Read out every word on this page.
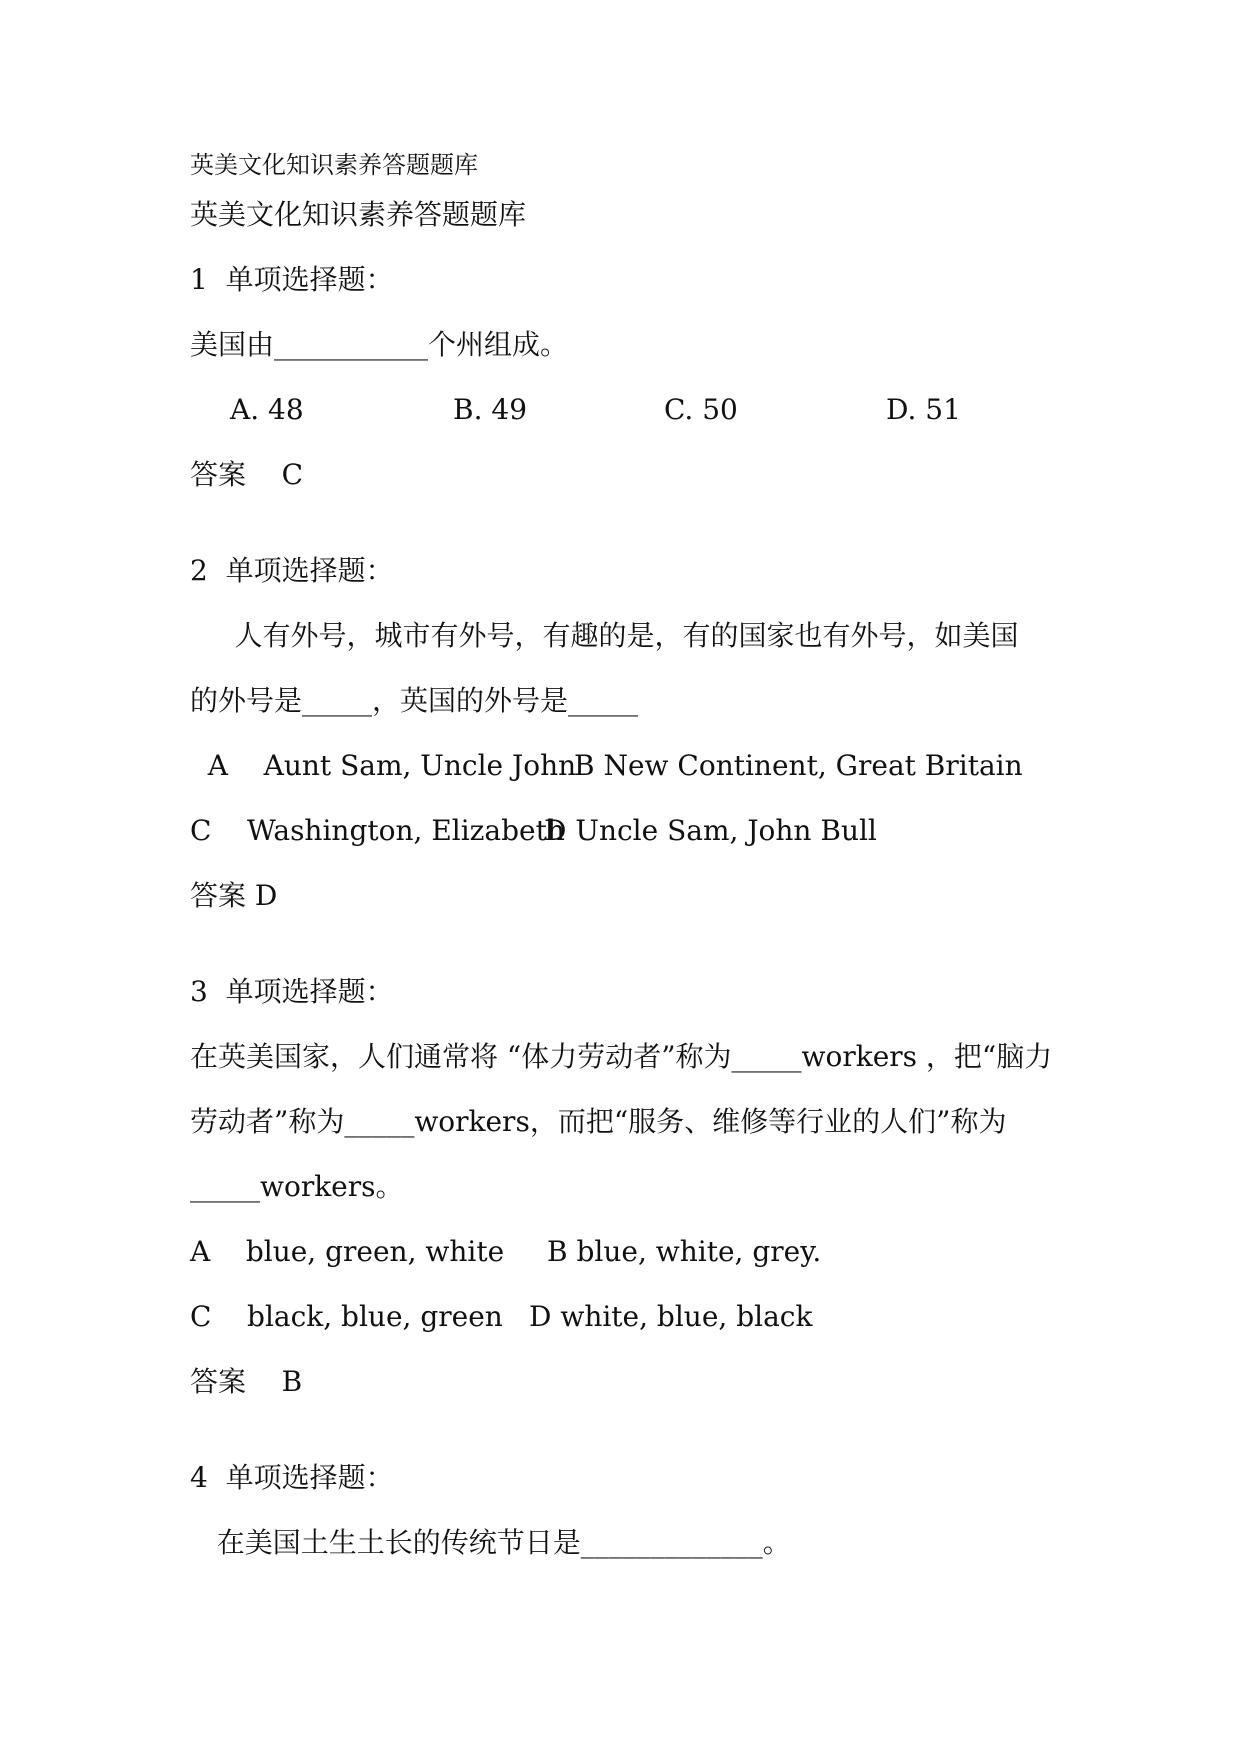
英美文化知识素养答题题库
英美文化知识素养答题题库
1  单项选择题：
美国由___________个州组成。
A. 48	B. 49	C. 50	D. 51
答案    C
2  单项选择题：
人有外号，城市有外号，有趣的是，有的国家也有外号，如美国
的外号是_____，英国的外号是_____
A    Aunt Sam, Uncle John
B New Continent, Great Britain
C    Washington, Elizabeth
D Uncle Sam, John Bull
答案 D
3  单项选择题：
在英美国家，人们通常将 “体力劳动者”称为_____workers ，把“脑力
劳动者”称为_____workers，而把“服务、维修等行业的人们”称为
_____workers。
A    blue, green, white B blue, white, grey.
C    black, blue, green D white, blue, black
答案    B
4  单项选择题：
在美国土生土长的传统节日是_____________。
